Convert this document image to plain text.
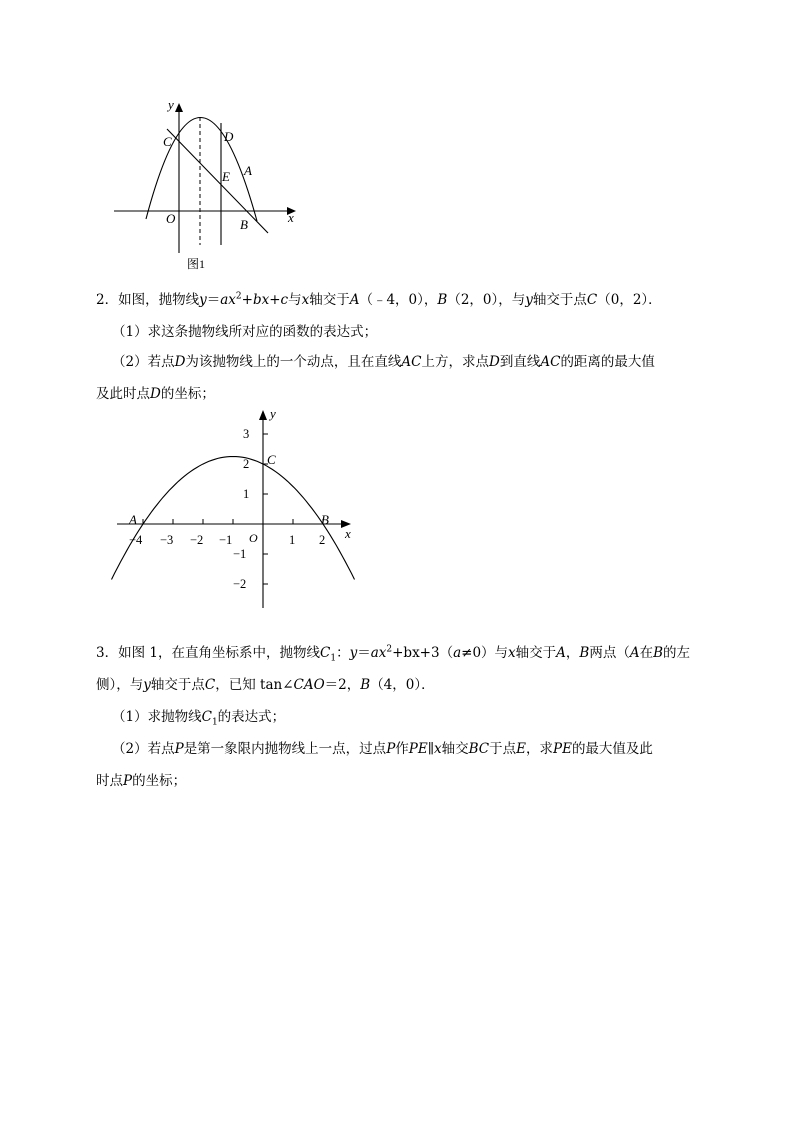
y
x
C	D
E A
O	B
图1
2．如图，抛物线$y=ax^2+bx+c$与x轴交于A（﹣4，0），B（2，0），与y轴交于点C（0，2）．
（1）求这条抛物线所对应的函数的表达式；
（2）若点D为该抛物线上的一个动点，且在直线AC上方，求点D到直线AC的距离的最大值
及此时点D的坐标；
3
2
1
−1
−2
−4 −3 −2 −1	1 2
y
x
C
A	B
O
3．如图 1，在直角坐标系中，抛物线$C_1$：$y=ax^2+bx+3(a\ne 0)$与x轴交于A，B两点（A在B的左
侧），与y轴交于点C，已知 tan∠CAO＝2，B（4，0）．
（1）求抛物线$C_1$的表达式；
（2）若点P是第一象限内抛物线上一点，过点P作PE∥x轴交BC于点E，求PE的最大值及此
时点P的坐标；
